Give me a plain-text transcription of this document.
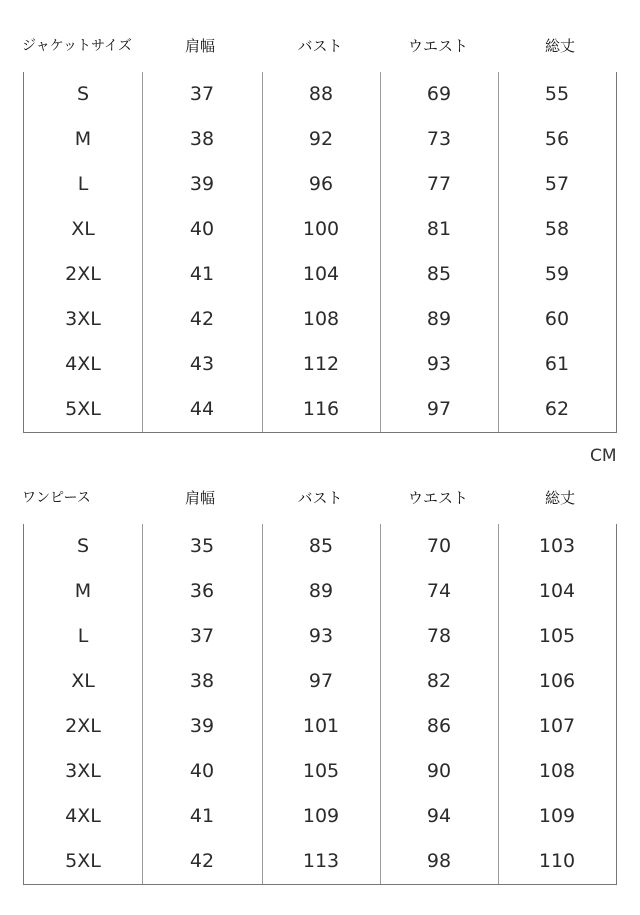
ジャケットサイズ	肩幅	バスト	ウエスト	総丈
S	37	88	69	55
M	38	92	73	56
L	39	96	77	57
XL	40	100	81	58
2XL	41	104	85	59
3XL	42	108	89	60
4XL	43	112	93	61
5XL	44	116	97	62
CM
ワンピース	肩幅	バスト	ウエスト	総丈
S	35	85	70	103
M	36	89	74	104
L	37	93	78	105
XL	38	97	82	106
2XL	39	101	86	107
3XL	40	105	90	108
4XL	41	109	94	109
5XL	42	113	98	110
